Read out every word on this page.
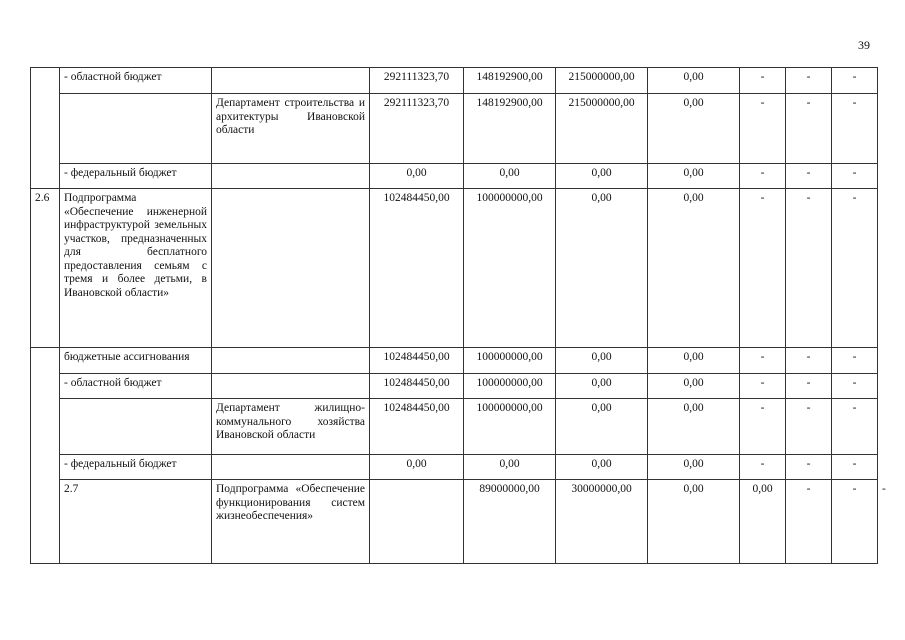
39
	- областной бюджет		292111323,70	148192900,00	215000000,00	0,00	-	-	-	
		Департамент строительства и архитектуры Ивановской области	292111323,70	148192900,00	215000000,00	0,00	-	-	-	
	- федеральный бюджет		0,00	0,00	0,00	0,00	-	-	-	
2.6	Подпрограмма «Обеспечение инженерной инфраструктурой земельных участков, предназначенных для бесплатного предоставления семьям с тремя и более детьми, в Ивановской области»		102484450,00	100000000,00	0,00	0,00	-	-	-	
	бюджетные ассигнования		102484450,00	100000000,00	0,00	0,00	-	-	-	
	- областной бюджет		102484450,00	100000000,00	0,00	0,00	-	-	-	
		Департамент жилищно-коммунального хозяйства Ивановской области	102484450,00	100000000,00	0,00	0,00	-	-	-	
	- федеральный бюджет		0,00	0,00	0,00	0,00	-	-	-	
	2.7	Подпрограмма «Обеспечение функционирования систем жизнеобеспечения»		89000000,00	30000000,00	0,00	0,00	-	-	-
